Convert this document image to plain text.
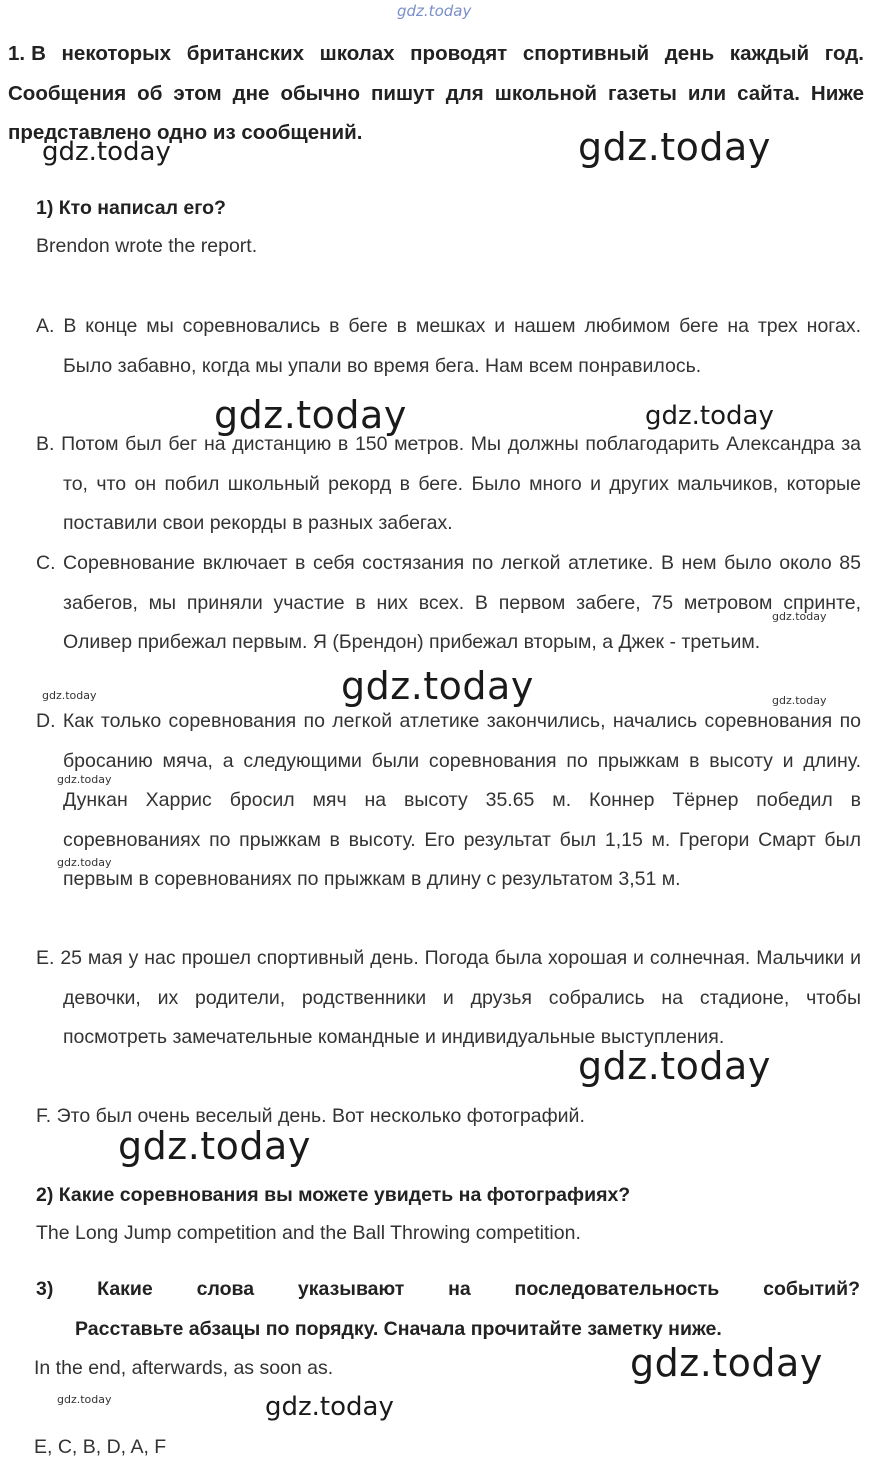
gdz.today
1. В некоторых британских школах проводят спортивный день каждый год. Сообщения об этом дне обычно пишут для школьной газеты или сайта. Ниже представлено одно из сообщений.
1) Кто написал его?
Brendon wrote the report.
A. В конце мы соревновались в беге в мешках и нашем любимом беге на трех ногах. Было забавно, когда мы упали во время бега. Нам всем понравилось.
B. Потом был бег на дистанцию в 150 метров. Мы должны поблагодарить Александра за то, что он побил школьный рекорд в беге. Было много и других мальчиков, которые поставили свои рекорды в разных забегах.
C. Соревнование включает в себя состязания по легкой атлетике. В нем было около 85 забегов, мы приняли участие в них всех. В первом забеге, 75 метровом спринте, Оливер прибежал первым. Я (Брендон) прибежал вторым, а Джек - третьим.
D. Как только соревнования по легкой атлетике закончились, начались соревнования по бросанию мяча, а следующими были соревнования по прыжкам в высоту и длину. Дункан Харрис бросил мяч на высоту 35.65 м. Коннер Тёрнер победил в соревнованиях по прыжкам в высоту. Его результат был 1,15 м. Грегори Смарт был первым в соревнованиях по прыжкам в длину с результатом 3,51 м.
E. 25 мая у нас прошел спортивный день. Погода была хорошая и солнечная. Мальчики и девочки, их родители, родственники и друзья собрались на стадионе, чтобы посмотреть замечательные командные и индивидуальные выступления.
F. Это был очень веселый день. Вот несколько фотографий.
2) Какие соревнования вы можете увидеть на фотографиях?
The Long Jump competition and the Ball Throwing competition.
3) Какие слова указывают на последовательность событий?
Расставьте абзацы по порядку. Сначала прочитайте заметку ниже.
In the end, afterwards, as soon as.
E, C, B, D, A, F
gdz.today	gdz.today
gdz.today	gdz.today
gdz.today
gdz.today
gdz.today	gdz.today
gdz.today
gdz.today
gdz.today
gdz.today
gdz.today
gdz.today	gdz.today
